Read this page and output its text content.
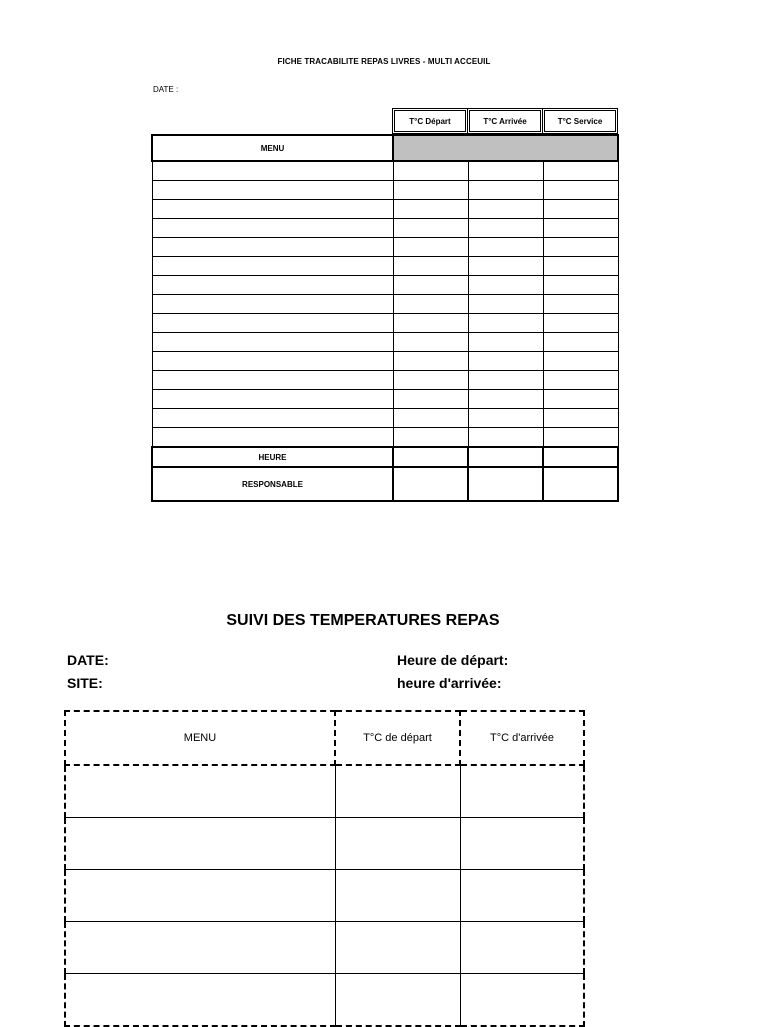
FICHE TRACABILITE REPAS LIVRES - MULTI ACCEUIL
DATE :
T°C Départ	T°C Arrivée	T°C Service
MENU			

HEURE			
RESPONSABLE			
SUIVI DES TEMPERATURES REPAS
DATE:
SITE:
Heure de départ:
heure d'arrivée:
MENU	T°C de départ	T°C d'arrivée
